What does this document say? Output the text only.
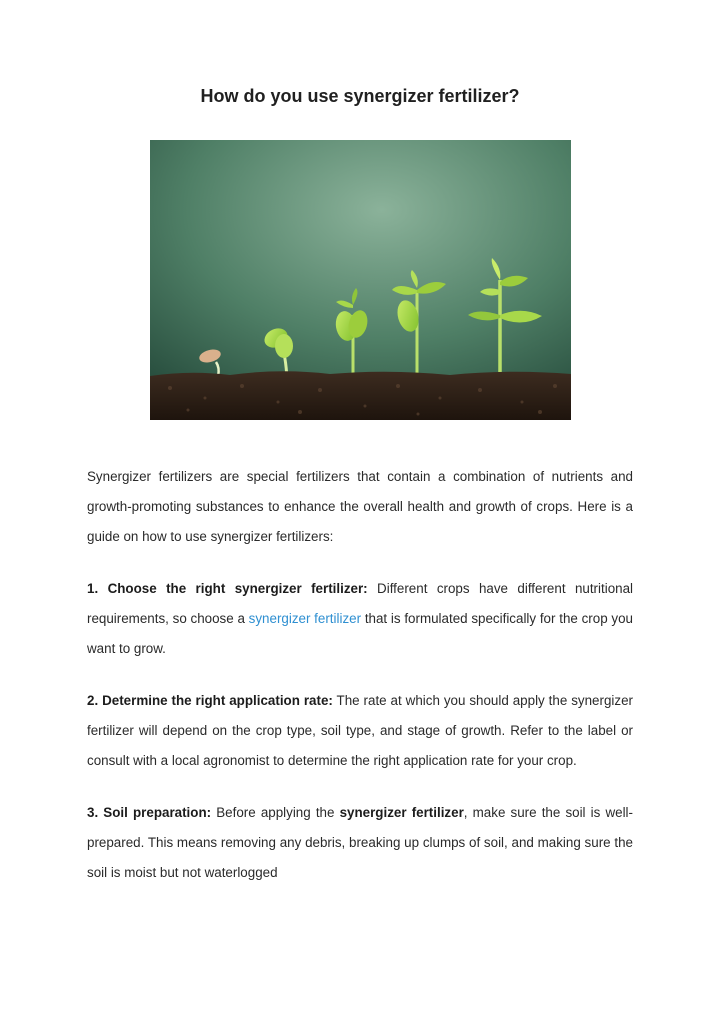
How do you use synergizer fertilizer?

Synergizer fertilizers are special fertilizers that contain a combination of nutrients and growth-promoting substances to enhance the overall health and growth of crops. Here is a guide on how to use synergizer fertilizers:

1. Choose the right synergizer fertilizer: Different crops have different nutritional requirements, so choose a synergizer fertilizer that is formulated specifically for the crop you want to grow.

2. Determine the right application rate: The rate at which you should apply the synergizer fertilizer will depend on the crop type, soil type, and stage of growth. Refer to the label or consult with a local agronomist to determine the right application rate for your crop.

3. Soil preparation: Before applying the synergizer fertilizer, make sure the soil is well-prepared. This means removing any debris, breaking up clumps of soil, and making sure the soil is moist but not waterlogged
